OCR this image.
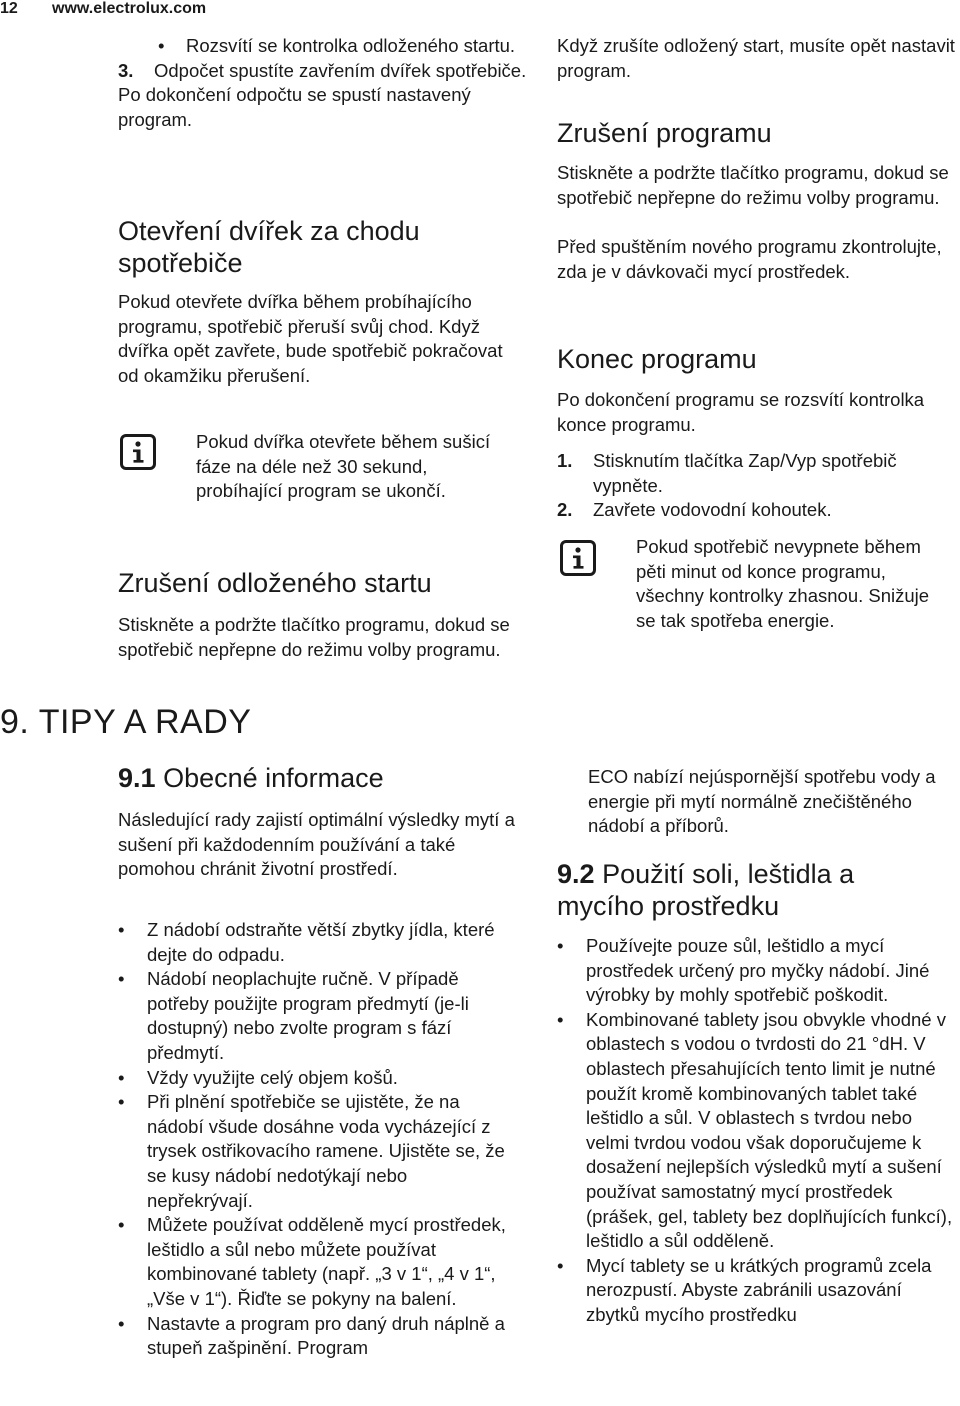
12 www.electrolux.com
• Rozsvítí se kontrolka odloženého startu.
3. Odpočet spustíte zavřením dvířek spotřebiče.

Po dokončení odpočtu se spustí nastavený program.

Otevření dvířek za chodu spotřebiče

Pokud otevřete dvířka během probíhajícího programu, spotřebič přeruší svůj chod. Když dvířka opět zavřete, bude spotřebič pokračovat od okamžiku přerušení.

Pokud dvířka otevřete během sušicí fáze na déle než 30 sekund, probíhající program se ukončí.

Zrušení odloženého startu

Stiskněte a podržte tlačítko programu, dokud se spotřebič nepřepne do režimu volby programu.

Když zrušíte odložený start, musíte opět nastavit program.

Zrušení programu

Stiskněte a podržte tlačítko programu, dokud se spotřebič nepřepne do režimu volby programu.

Před spuštěním nového programu zkontrolujte, zda je v dávkovači mycí prostředek.

Konec programu

Po dokončení programu se rozsvítí kontrolka konce programu.

1. Stisknutím tlačítka Zap/Vyp spotřebič vypněte.
2. Zavřete vodovodní kohoutek.

Pokud spotřebič nevypnete během pěti minut od konce programu, všechny kontrolky zhasnou. Snižuje se tak spotřeba energie.

9. TIPY A RADY
9.1 Obecné informace

Následující rady zajistí optimální výsledky mytí a sušení při každodenním používání a také pomohou chránit životní prostředí.

• Z nádobí odstraňte větší zbytky jídla, které dejte do odpadu.
• Nádobí neoplachujte ručně. V případě potřeby použijte program předmytí (je-li dostupný) nebo zvolte program s fází předmytí.
• Vždy využijte celý objem košů.
• Při plnění spotřebiče se ujistěte, že na nádobí všude dosáhne voda vycházející z trysek ostřikovacího ramene. Ujistěte se, že se kusy nádobí nedotýkají nebo nepřekrývají.
• Můžete používat odděleně mycí prostředek, leštidlo a sůl nebo můžete používat kombinované tablety (např. „3 v 1“, „4 v 1“, „Vše v 1“). Řiďte se pokyny na balení.
• Nastavte a program pro daný druh náplně a stupeň zašpinění. Program

ECO nabízí nejúspornější spotřebu vody a energie při mytí normálně znečištěného nádobí a příborů.

9.2 Použití soli, leštidla a mycího prostředku
• Používejte pouze sůl, leštidlo a mycí prostředek určený pro myčky nádobí. Jiné výrobky by mohly spotřebič poškodit.
• Kombinované tablety jsou obvykle vhodné v oblastech s vodou o tvrdosti do 21 °dH. V oblastech přesahujících tento limit je nutné použít kromě kombinovaných tablet také leštidlo a sůl. V oblastech s tvrdou nebo velmi tvrdou vodou však doporučujeme k dosažení nejlepších výsledků mytí a sušení používat samostatný mycí prostředek (prášek, gel, tablety bez doplňujících funkcí), leštidlo a sůl odděleně.
• Mycí tablety se u krátkých programů zcela nerozpustí. Abyste zabránili usazování zbytků mycího prostředku
